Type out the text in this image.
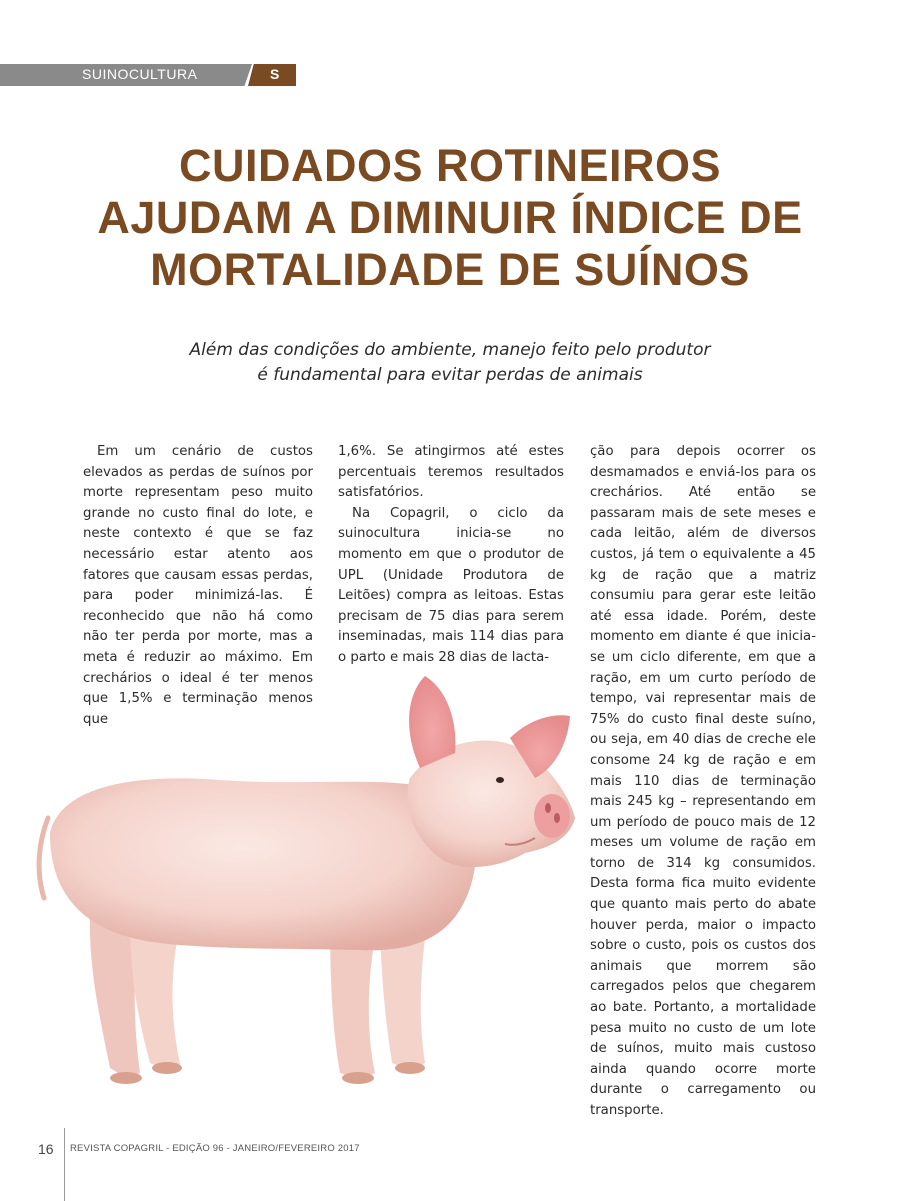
SUINOCULTURA	S
CUIDADOS ROTINEIROS
AJUDAM A DIMINUIR ÍNDICE DE
MORTALIDADE DE SUÍNOS

Além das condições do ambiente, manejo feito pelo produtor
é fundamental para evitar perdas de animais

Em um cenário de custos elevados as perdas de suínos por morte representam peso muito grande no custo final do lote, e neste contexto é que se faz necessário estar atento aos fatores que causam essas perdas, para poder minimizá-las. É reconhecido que não há como não ter perda por morte, mas a meta é reduzir ao máximo. Em crechários o ideal é ter menos que 1,5% e terminação menos que

1,6%. Se atingirmos até estes percentuais teremos resultados satisfatórios.

Na Copagril, o ciclo da suinocultura inicia-se no momento em que o produtor de UPL (Unidade Produtora de Leitões) compra as leitoas. Estas precisam de 75 dias para serem inseminadas, mais 114 dias para o parto e mais 28 dias de lacta-

ção para depois ocorrer os desmamados e enviá-los para os crechários. Até então se passaram mais de sete meses e cada leitão, além de diversos custos, já tem o equivalente a 45 kg de ração que a matriz consumiu para gerar este leitão até essa idade. Porém, deste momento em diante é que inicia-se um ciclo diferente, em que a ração, em um curto período de tempo, vai representar mais de 75% do custo final deste suíno, ou seja, em 40 dias de creche ele consome 24 kg de ração e em mais 110 dias de terminação mais 245 kg – representando em um período de pouco mais de 12 meses um volume de ração em torno de 314 kg consumidos. Desta forma fica muito evidente que quanto mais perto do abate houver perda, maior o impacto sobre o custo, pois os custos dos animais que morrem são carregados pelos que chegarem ao bate. Portanto, a mortalidade pesa muito no custo de um lote de suínos, muito mais custoso ainda quando ocorre morte durante o carregamento ou transporte.

16 REVISTA COPAGRIL - EDIÇÃO 96 - JANEIRO/FEVEREIRO 2017
